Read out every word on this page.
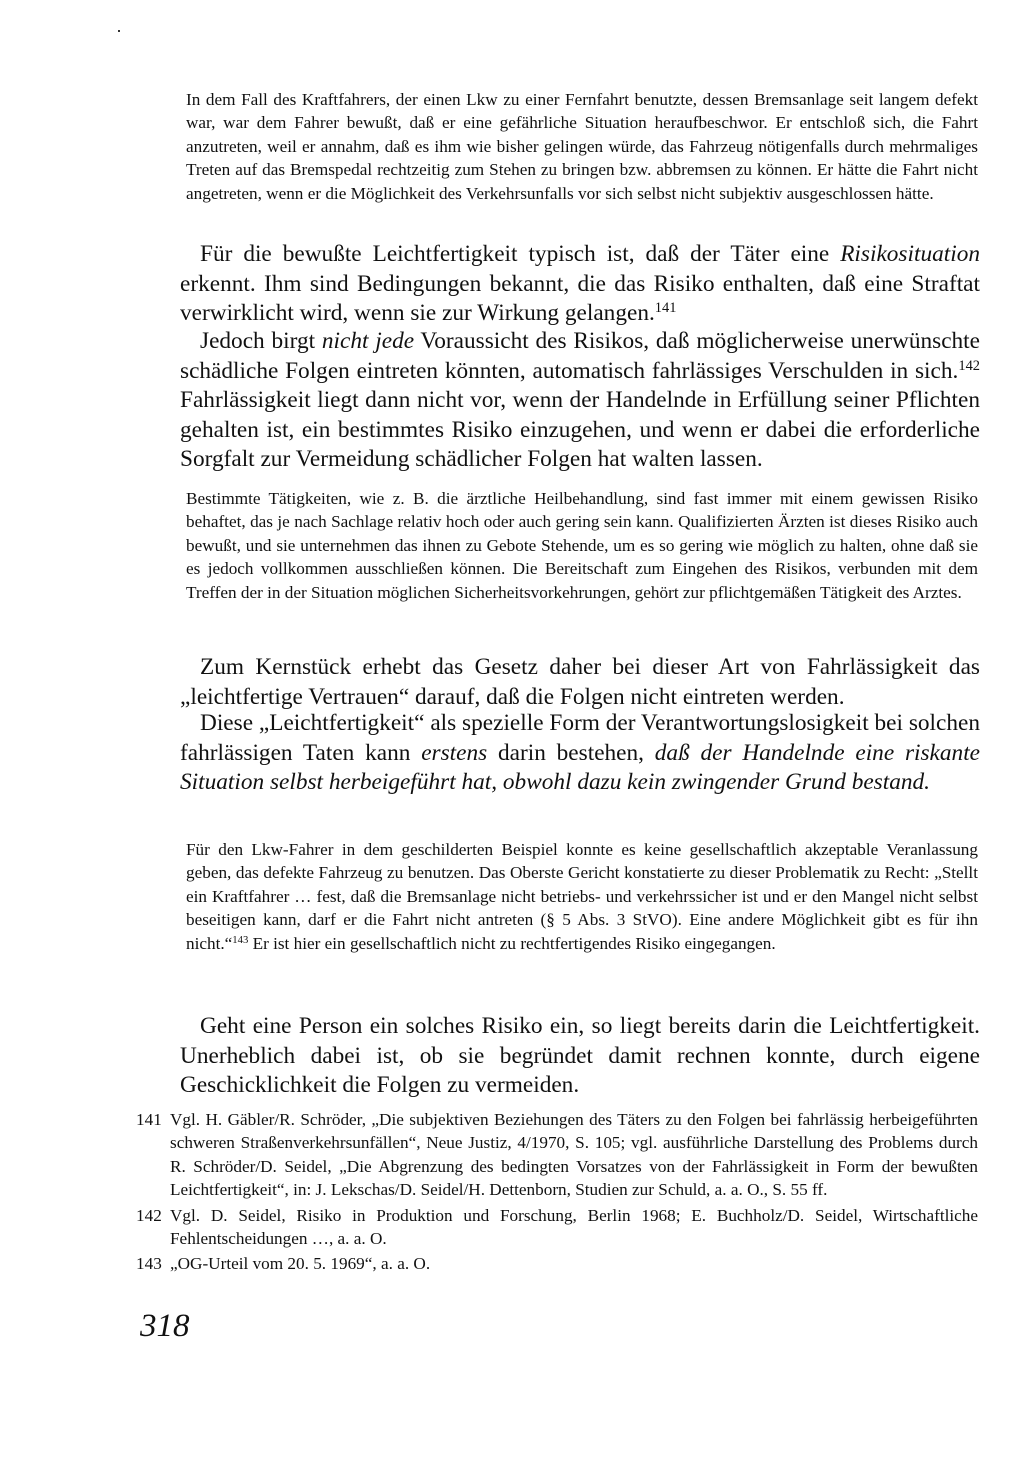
In dem Fall des Kraftfahrers, der einen Lkw zu einer Fernfahrt benutzte, dessen Bremsanlage seit langem defekt war, war dem Fahrer bewußt, daß er eine gefährliche Situation heraufbeschwor. Er entschloß sich, die Fahrt anzutreten, weil er annahm, daß es ihm wie bisher gelingen würde, das Fahrzeug nötigenfalls durch mehrmaliges Treten auf das Bremspedal rechtzeitig zum Stehen zu bringen bzw. abbremsen zu können. Er hätte die Fahrt nicht angetreten, wenn er die Möglichkeit des Verkehrsunfalls vor sich selbst nicht subjektiv ausgeschlossen hätte.

Für die bewußte Leichtfertigkeit typisch ist, daß der Täter eine Risikosituation erkennt. Ihm sind Bedingungen bekannt, die das Risiko enthalten, daß eine Straftat verwirklicht wird, wenn sie zur Wirkung gelangen.$^{141}$

Jedoch birgt nicht jede Voraussicht des Risikos, daß möglicherweise unerwünschte schädliche Folgen eintreten könnten, automatisch fahrlässiges Verschulden in sich.$^{142}$ Fahrlässigkeit liegt dann nicht vor, wenn der Handelnde in Erfüllung seiner Pflichten gehalten ist, ein bestimmtes Risiko einzugehen, und wenn er dabei die erforderliche Sorgfalt zur Vermeidung schädlicher Folgen hat walten lassen.

Bestimmte Tätigkeiten, wie z. B. die ärztliche Heilbehandlung, sind fast immer mit einem gewissen Risiko behaftet, das je nach Sachlage relativ hoch oder auch gering sein kann. Qualifizierten Ärzten ist dieses Risiko auch bewußt, und sie unternehmen das ihnen zu Gebote Stehende, um es so gering wie möglich zu halten, ohne daß sie es jedoch vollkommen ausschließen können. Die Bereitschaft zum Eingehen des Risikos, verbunden mit dem Treffen der in der Situation möglichen Sicherheitsvorkehrungen, gehört zur pflichtgemäßen Tätigkeit des Arztes.

Zum Kernstück erhebt das Gesetz daher bei dieser Art von Fahrlässigkeit das „leichtfertige Vertrauen“ darauf, daß die Folgen nicht eintreten werden.

Diese „Leichtfertigkeit“ als spezielle Form der Verantwortungslosigkeit bei solchen fahrlässigen Taten kann erstens darin bestehen, daß der Handelnde eine riskante Situation selbst herbeigeführt hat, obwohl dazu kein zwingender Grund bestand.

Für den Lkw-Fahrer in dem geschilderten Beispiel konnte es keine gesellschaftlich akzeptable Veranlassung geben, das defekte Fahrzeug zu benutzen. Das Oberste Gericht konstatierte zu dieser Problematik zu Recht: „Stellt ein Kraftfahrer … fest, daß die Bremsanlage nicht betriebs- und verkehrssicher ist und er den Mangel nicht selbst beseitigen kann, darf er die Fahrt nicht antreten (§ 5 Abs. 3 StVO). Eine andere Möglichkeit gibt es für ihn nicht.“$^{143}$ Er ist hier ein gesellschaftlich nicht zu rechtfertigendes Risiko eingegangen.

Geht eine Person ein solches Risiko ein, so liegt bereits darin die Leichtfertigkeit. Unerheblich dabei ist, ob sie begründet damit rechnen konnte, durch eigene Geschicklichkeit die Folgen zu vermeiden.

141 Vgl. H. Gäbler/R. Schröder, „Die subjektiven Beziehungen des Täters zu den Folgen bei fahrlässig herbeigeführten schweren Straßenverkehrsunfällen“, Neue Justiz, 4/1970, S. 105; vgl. ausführliche Darstellung des Problems durch R. Schröder/D. Seidel, „Die Abgrenzung des bedingten Vorsatzes von der Fahrlässigkeit in Form der bewußten Leichtfertigkeit“, in: J. Lekschas/D. Seidel/H. Dettenborn, Studien zur Schuld, a. a. O., S. 55 ff.
142 Vgl. D. Seidel, Risiko in Produktion und Forschung, Berlin 1968; E. Buchholz/D. Seidel, Wirtschaftliche Fehlentscheidungen …, a. a. O.
143 „OG-Urteil vom 20. 5. 1969“, a. a. O.
318
